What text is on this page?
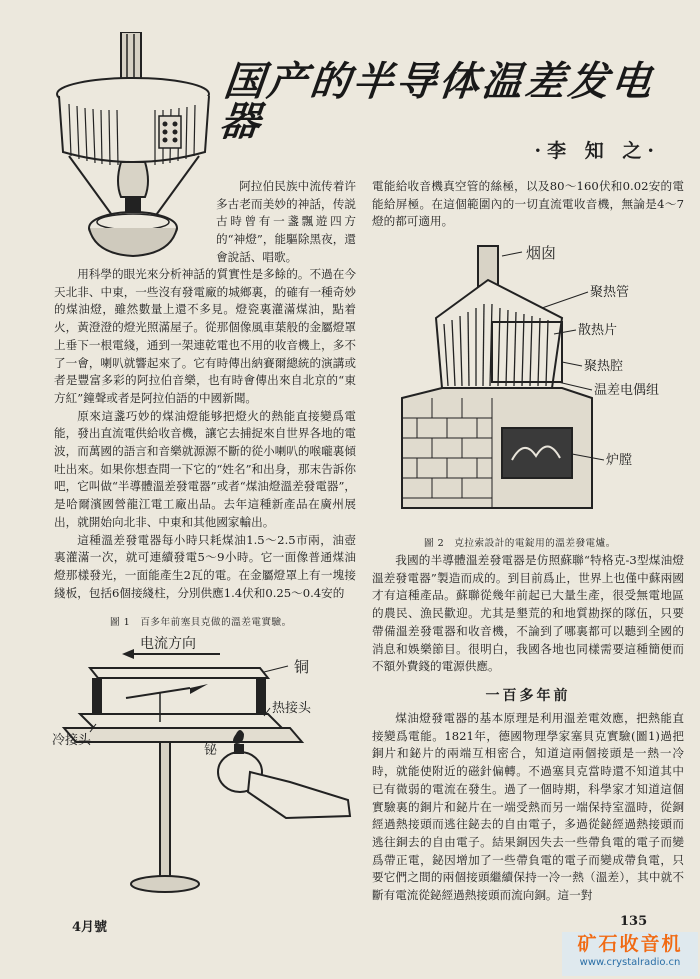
国产的半导体温差发电器
·李 知 之·

阿拉伯民族中流传着许多古老而美妙的神話，传説古時曾有一盞飄遊四方的“神燈”，能驅除黑夜，還會說話、唱歌。

用科學的眼光來分析神話的質實性是多餘的。不過在今天北非、中東，一些沒有發電廠的城鄉裏，的確有一種奇妙的煤油燈，雖然數量上還不多見。燈瓷裏灌滿煤油，點着火，黃澄澄的燈光照滿屋子。從那個像風車葉般的金屬燈罩上垂下一根電綫，通到一架連乾電也不用的收音機上，多不了一會，喇叭就響起來了。它有時傳出納賽爾總統的演講或者是豐富多彩的阿拉伯音樂，也有時會傳出來自北京的“東方紅”鐘聲或者是阿拉伯語的中國新聞。

原來這盞巧妙的煤油燈能够把燈火的熱能直接變爲電能，發出直流電供給收音機，讓它去捕捉來自世界各地的電波，而萬國的語言和音樂就源源不斷的從小喇叭的喉嚨裏傾吐出來。如果你想查問一下它的“姓名”和出身，那末告訴你吧，它叫做“半導體溫差發電器”或者“煤油燈溫差發電器”，是哈爾濱國營龍江電工廠出品。去年這種新產品在廣州展出，就開始向北非、中東和其他國家輸出。

這種溫差發電器每小時只耗煤油1.5～2.5市兩，油壺裏灌滿一次，就可連續發電5～9小時。它一面像普通煤油燈那樣發光，一面能產生2瓦的電。在金屬燈罩上有一塊接綫板，包括6個接綫柱，分別供應1.4伏和0.25～0.4安的

圖 1　百多年前塞貝克做的溫差電實驗。
电流方向
铜
热接头
冷接头
铋

電能給收音機真空管的絲極，以及80～160伏和0.02安的電能給屏極。在這個範圍內的一切直流電收音機，無論是4～7燈的都可適用。

烟囱
聚热管
散热片
聚热腔
温差电偶组
炉膛
圖 2　克拉索設計的電錠用的溫差發電爐。

我國的半導體溫差發電器是仿照蘇聯“特格克-3型煤油燈溫差發電器”製造而成的。到目前爲止，世界上也僅中蘇兩國才有這種產品。蘇聯從幾年前起已大量生產，很受無電地區的農民、漁民歡迎。尤其是墾荒的和地質勘探的隊伍，只要帶備溫差發電器和收音機，不論到了哪裏都可以聽到全國的消息和娛樂節目。很明白，我國各地也同樣需要這種簡便而不額外費錢的電源供應。

一百多年前

煤油燈發電器的基本原理是利用溫差電效應，把熱能直接變爲電能。1821年，德國物理學家塞貝克實驗(圖1)過把銅片和鉍片的兩端互相密合，知道這兩個接頭是一熱一冷時，就能使附近的磁針偏轉。不過塞貝克當時還不知道其中已有微弱的電流在發生。過了一個時期，科學家才知道這個實驗裏的銅片和鉍片在一端受熱而另一端保持室溫時，從銅經過熱接頭而逃往鉍去的自由電子，多過從鉍經過熱接頭而逃往銅去的自由電子。結果銅因失去一些帶負電的電子而變爲帶正電，鉍因增加了一些帶負電的電子而變成帶負電，只要它們之間的兩個接頭繼續保持一冷一熱（溫差），其中就不斷有電流從鉍經過熱接頭而流向銅。這一對

4月號	135
矿石收音机
www.crystalradio.cn
